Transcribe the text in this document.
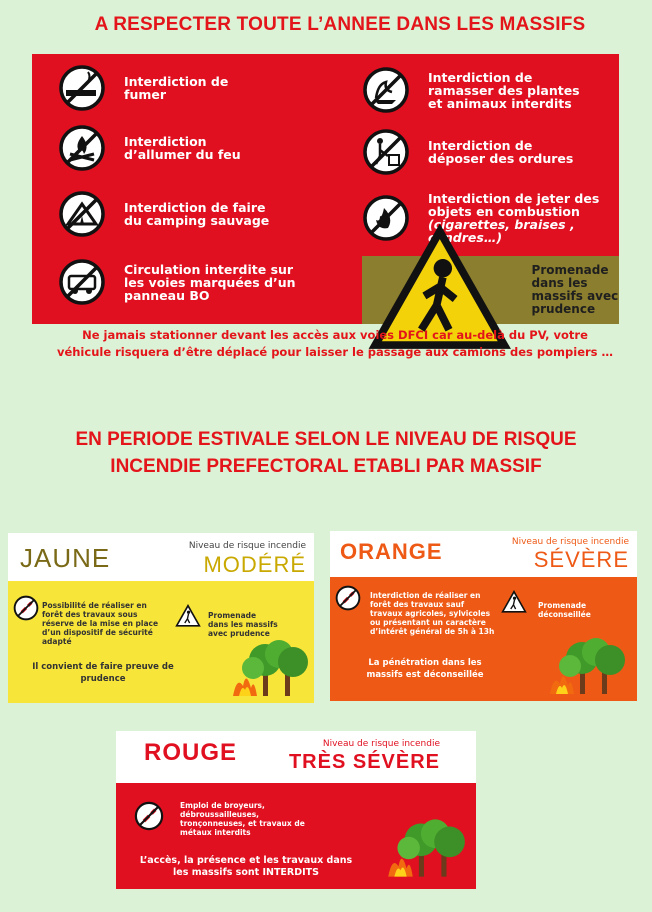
A RESPECTER TOUTE L’ANNEE DANS LES MASSIFS
Interdiction de fumer
Interdiction d’allumer du feu
Interdiction de faire du camping sauvage
Circulation interdite sur les voies marquées d’un panneau BO
Interdiction de ramasser des plantes et animaux interdits
Interdiction de déposer des ordures
Interdiction de jeter des objets en combustion
(cigarettes, braises , cendres…)
Promenade dans les massifs avec prudence
Ne jamais stationner devant les accès aux voies DFCI car au-delà du PV, votre
véhicule risquera d’être déplacé pour laisser le passage aux camions des pompiers …
EN PERIODE ESTIVALE SELON LE NIVEAU DE RISQUE
INCENDIE PREFECTORAL ETABLI PAR MASSIF
JAUNE	Niveau de risque incendie
MODÉRÉ
Possibilité de réaliser en forêt des travaux sous réserve de la mise en place d’un dispositif de sécurité adapté
Promenade dans les massifs avec prudence
Il convient de faire preuve de prudence
ORANGE	Niveau de risque incendie
SÉVÈRE
Interdiction de réaliser en forêt des travaux sauf travaux agricoles, sylvicoles ou présentant un caractère d’intérêt général de 5h à 13h
Promenade déconseillée
La pénétration dans les massifs est déconseillée
ROUGE	Niveau de risque incendie
TRÈS SÉVÈRE
Emploi de broyeurs, débroussailleuses, tronçonneuses, et travaux de métaux interdits
L’accès, la présence et les travaux dans les massifs sont INTERDITS
